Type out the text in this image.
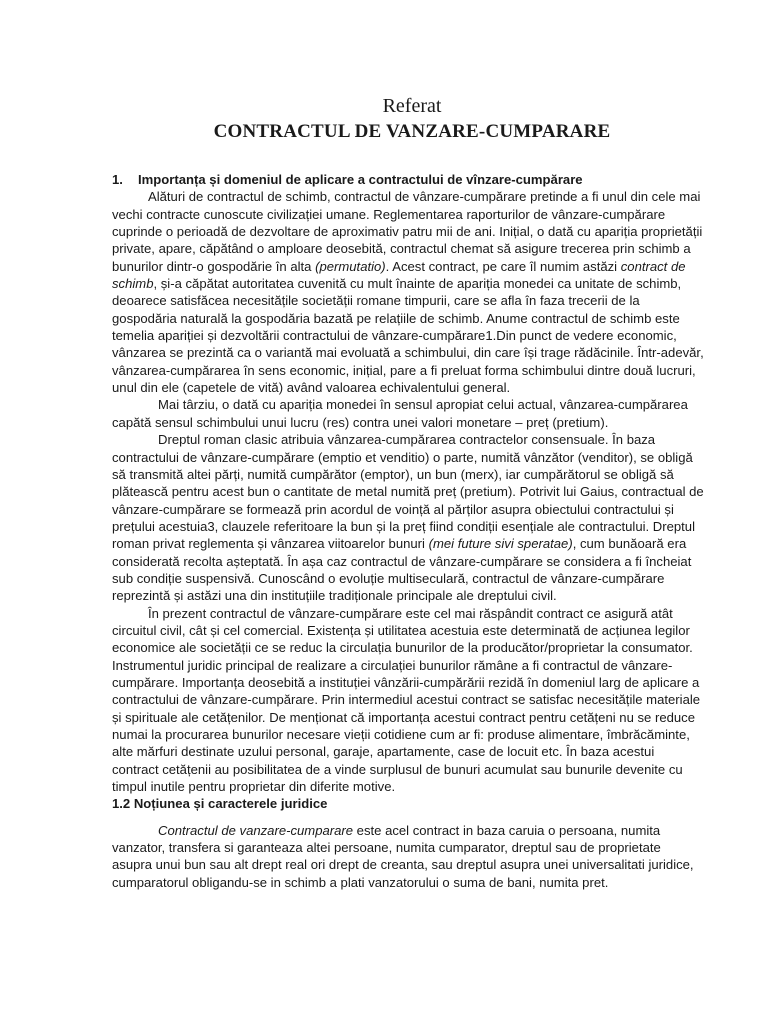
Referat

CONTRACTUL DE VANZARE-CUMPARARE

1. Importanța și domeniul de aplicare a contractului de vînzare-cumpărare

Alături de contractul de schimb, contractul de vânzare-cumpărare pretinde a fi unul din cele mai vechi contracte cunoscute civilizației umane. Reglementarea raporturilor de vânzare-cumpărare cuprinde o perioadă de dezvoltare de aproximativ patru mii de ani. Inițial, o dată cu apariția proprietății private, apare, căpătând o amploare deosebită, contractul chemat să asigure trecerea prin schimb a bunurilor dintr-o gospodărie în alta (permutatio). Acest contract, pe care îl numim astăzi contract de schimb, și-a căpătat autoritatea cuvenită cu mult înainte de apariția monedei ca unitate de schimb, deoarece satisfăcea necesitățile societății romane timpurii, care se afla în faza trecerii de la gospodăria naturală la gospodăria bazată pe relațiile de schimb. Anume contractul de schimb este temelia apariției și dezvoltării contractului de vânzare-cumpărare1.Din punct de vedere economic, vânzarea se prezintă ca o variantă mai evoluată a schimbului, din care își trage rădăcinile. Într-adevăr, vânzarea-cumpărarea în sens economic, inițial, pare a fi preluat forma schimbului dintre două lucruri, unul din ele (capetele de vită) având valoarea echivalentului general.

Mai târziu, o dată cu apariția monedei în sensul apropiat celui actual, vânzarea-cumpărarea capătă sensul schimbului unui lucru (res) contra unei valori monetare – preț (pretium).

Dreptul roman clasic atribuia vânzarea-cumpărarea contractelor consensuale. În baza contractului de vânzare-cumpărare (emptio et venditio) o parte, numită vânzător (venditor), se obligă să transmită altei părți, numită cumpărător (emptor), un bun (merx), iar cumpărătorul se obligă să plătească pentru acest bun o cantitate de metal numită preț (pretium). Potrivit lui Gaius, contractual de vânzare-cumpărare se formează prin acordul de voință al părților asupra obiectului contractului și prețului acestuia3, clauzele referitoare la bun și la preț fiind condiții esențiale ale contractului. Dreptul roman privat reglementa și vânzarea viitoarelor bunuri (mei future sivi speratae), cum bunăoară era considerată recolta așteptată. În așa caz contractul de vânzare-cumpărare se considera a fi încheiat sub condiție suspensivă. Cunoscând o evoluție multiseculară, contractul de vânzare-cumpărare reprezintă și astăzi una din instituțiile tradiționale principale ale dreptului civil.

În prezent contractul de vânzare-cumpărare este cel mai răspândit contract ce asigură atât circuitul civil, cât și cel comercial. Existența și utilitatea acestuia este determinată de acțiunea legilor economice ale societății ce se reduc la circulația bunurilor de la producător/proprietar la consumator. Instrumentul juridic principal de realizare a circulației bunurilor rămâne a fi contractul de vânzare-cumpărare. Importanța deosebită a instituției vânzării-cumpărării rezidă în domeniul larg de aplicare a contractului de vânzare-cumpărare. Prin intermediul acestui contract se satisfac necesitățile materiale și spirituale ale cetățenilor. De menționat că importanța acestui contract pentru cetățeni nu se reduce numai la procurarea bunurilor necesare vieții cotidiene cum ar fi: produse alimentare, îmbrăcăminte, alte mărfuri destinate uzului personal, garaje, apartamente, case de locuit etc. În baza acestui contract cetățenii au posibilitatea de a vinde surplusul de bunuri acumulat sau bunurile devenite cu timpul inutile pentru proprietar din diferite motive.

1.2 Noțiunea și caracterele juridice

Contractul de vanzare-cumparare este acel contract in baza caruia o persoana, numita vanzator, transfera si garanteaza altei persoane, numita cumparator, dreptul sau de proprietate asupra unui bun sau alt drept real ori drept de creanta, sau dreptul asupra unei universalitati juridice, cumparatorul obligandu-se in schimb a plati vanzatorului o suma de bani, numita pret.
